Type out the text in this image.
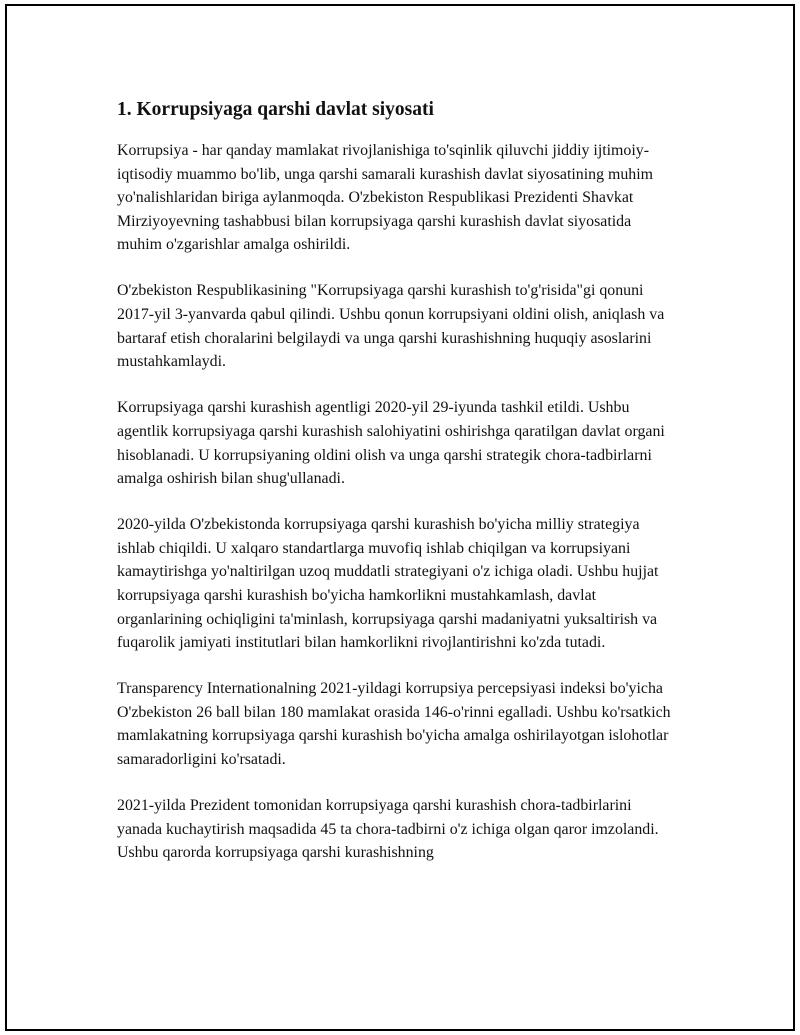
1. Korrupsiyaga qarshi davlat siyosati

Korrupsiya - har qanday mamlakat rivojlanishiga to'sqinlik qiluvchi jiddiy ijtimoiy-iqtisodiy muammo bo'lib, unga qarshi samarali kurashish davlat siyosatining muhim yo'nalishlaridan biriga aylanmoqda. O'zbekiston Respublikasi Prezidenti Shavkat Mirziyoyevning tashabbusi bilan korrupsiyaga qarshi kurashish davlat siyosatida muhim o'zgarishlar amalga oshirildi.

O'zbekiston Respublikasining "Korrupsiyaga qarshi kurashish to'g'risida"gi qonuni 2017-yil 3-yanvarda qabul qilindi. Ushbu qonun korrupsiyani oldini olish, aniqlash va bartaraf etish choralarini belgilaydi va unga qarshi kurashishning huquqiy asoslarini mustahkamlaydi.

Korrupsiyaga qarshi kurashish agentligi 2020-yil 29-iyunda tashkil etildi. Ushbu agentlik korrupsiyaga qarshi kurashish salohiyatini oshirishga qaratilgan davlat organi hisoblanadi. U korrupsiyaning oldini olish va unga qarshi strategik chora-tadbirlarni amalga oshirish bilan shug'ullanadi.

2020-yilda O'zbekistonda korrupsiyaga qarshi kurashish bo'yicha milliy strategiya ishlab chiqildi. U xalqaro standartlarga muvofiq ishlab chiqilgan va korrupsiyani kamaytirishga yo'naltirilgan uzoq muddatli strategiyani o'z ichiga oladi. Ushbu hujjat korrupsiyaga qarshi kurashish bo'yicha hamkorlikni mustahkamlash, davlat organlarining ochiqligini ta'minlash, korrupsiyaga qarshi madaniyatni yuksaltirish va fuqarolik jamiyati institutlari bilan hamkorlikni rivojlantirishni ko'zda tutadi.

Transparency Internationalning 2021-yildagi korrupsiya percepsiyasi indeksi bo'yicha O'zbekiston 26 ball bilan 180 mamlakat orasida 146-o'rinni egalladi. Ushbu ko'rsatkich mamlakatning korrupsiyaga qarshi kurashish bo'yicha amalga oshirilayotgan islohotlar samaradorligini ko'rsatadi.

2021-yilda Prezident tomonidan korrupsiyaga qarshi kurashish chora-tadbirlarini yanada kuchaytirish maqsadida 45 ta chora-tadbirni o'z ichiga olgan qaror imzolandi. Ushbu qarorda korrupsiyaga qarshi kurashishning
